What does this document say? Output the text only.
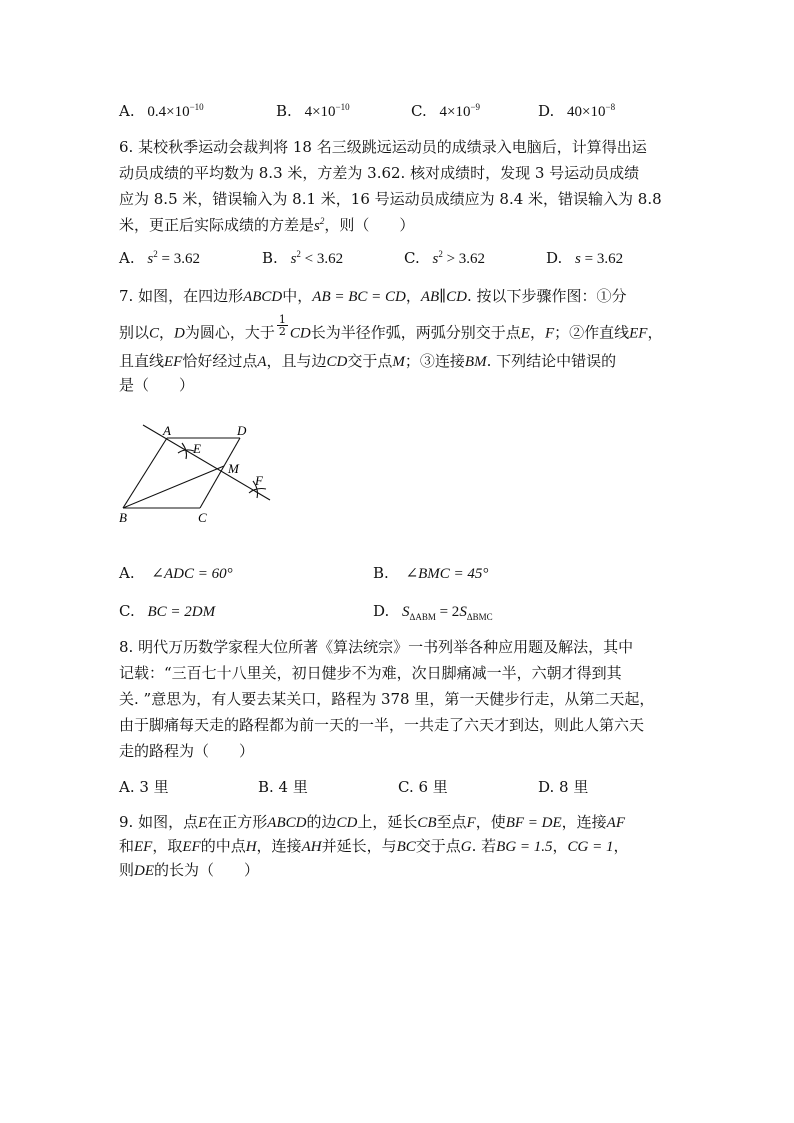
A. $0.4\times 10^{-10}$	B. $4\times 10^{-10}$	C. $4\times 10^{-9}$	D. $40\times 10^{-8}$
6. 某校秋季运动会裁判将 18 名三级跳远运动员的成绩录入电脑后，计算得出运
动员成绩的平均数为 8.3 米，方差为 3.62. 核对成绩时，发现 3 号运动员成绩
应为 8.5 米，错误输入为 8.1 米，16 号运动员成绩应为 8.4 米，错误输入为 8.8
米，更正后实际成绩的方差是$s^2$，则（　　）
A. $s^2 = 3.62$	B. $s^2 < 3.62$	C. $s^2 > 3.62$	D. s = 3.62
7. 如图，在四边形ABCD中，AB = BC = CD，AB∥CD. 按以下步骤作图：①分
别以C，D为圆心，大于 $\frac{1}{2}$ CD长为半径作弧，两弧分别交于点E，F；②作直线EF，
且直线EF恰好经过点A，且与边CD交于点M；③连接BM. 下列结论中错误的
是（　　）
A	D
E
M
F
B	C
A. ∠ADC = 60°	B. ∠BMC = 45°
C. BC = 2DM	D. $S_{\Delta ABM} = 2S_{\Delta BMC}$
8. 明代万历数学家程大位所著《算法统宗》一书列举各种应用题及解法，其中
记载：“三百七十八里关，初日健步不为难，次日脚痛减一半，六朝才得到其
关. ”意思为，有人要去某关口，路程为 378 里，第一天健步行走，从第二天起，
由于脚痛每天走的路程都为前一天的一半，一共走了六天才到达，则此人第六天
走的路程为（　　）
A. 3 里	B. 4 里	C. 6 里	D. 8 里
9. 如图，点E在正方形ABCD的边CD上，延长CB至点F，使BF = DE，连接AF
和EF，取EF的中点H，连接AH并延长，与BC交于点G. 若BG = 1.5，CG = 1，
则DE的长为（　　）
